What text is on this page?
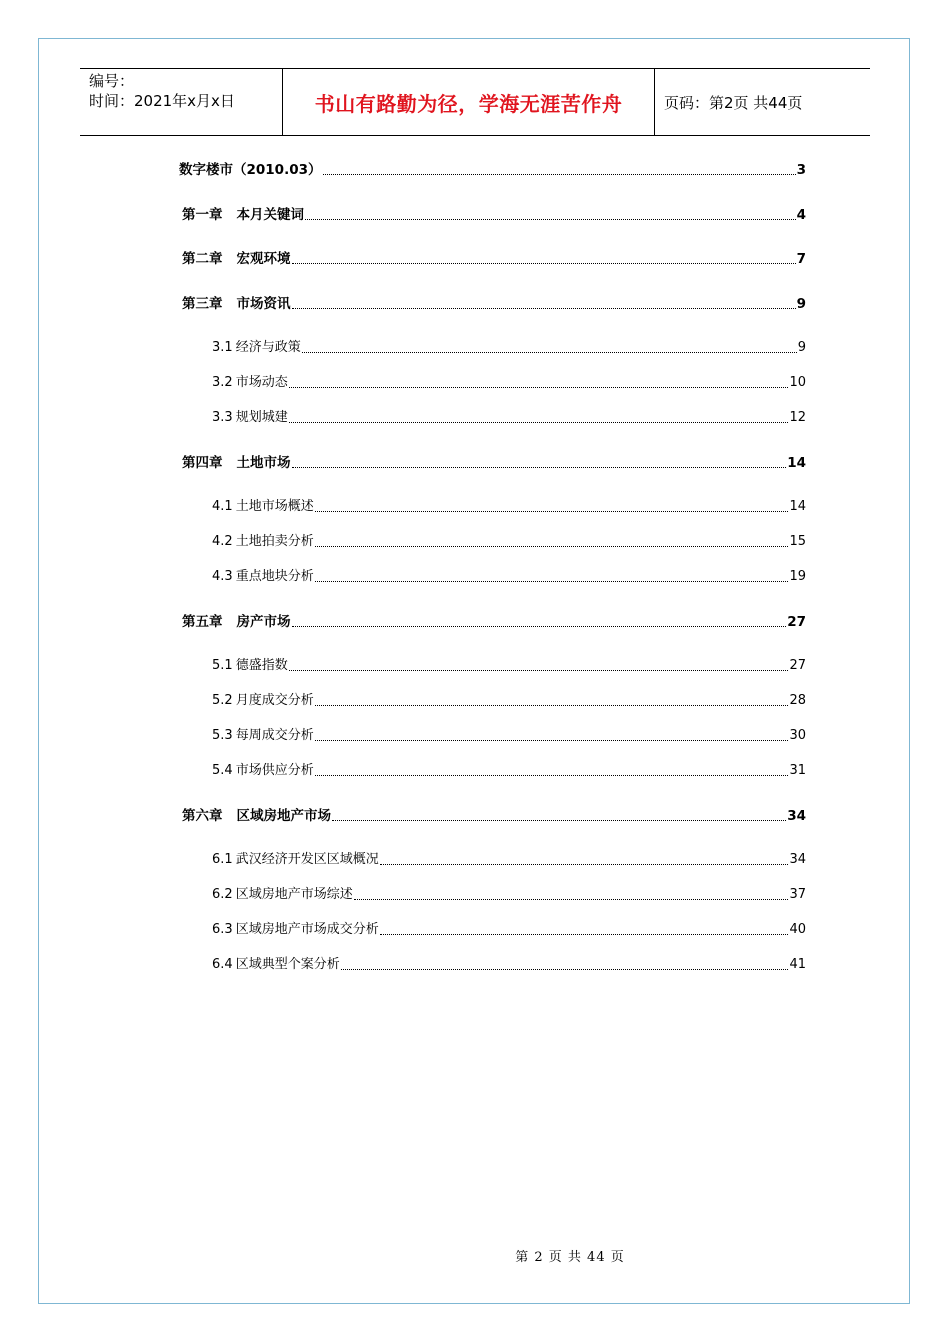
编号：
时间：2021年x月x日	书山有路勤为径，学海无涯苦作舟	页码：第2页 共44页
数字楼市（2010.03）	3
第一章 本月关键词	4
第二章 宏观环境	7
第三章 市场资讯	9
3.1 经济与政策	9
3.2 市场动态	10
3.3 规划城建	12
第四章 土地市场	14
4.1 土地市场概述	14
4.2 土地拍卖分析	15
4.3 重点地块分析	19
第五章 房产市场	27
5.1 德盛指数	27
5.2 月度成交分析	28
5.3 每周成交分析	30
5.4 市场供应分析	31
第六章 区域房地产市场	34
6.1 武汉经济开发区区域概况	34
6.2 区域房地产市场综述	37
6.3 区域房地产市场成交分析	40
6.4 区域典型个案分析	41
第 2 页 共 44 页
